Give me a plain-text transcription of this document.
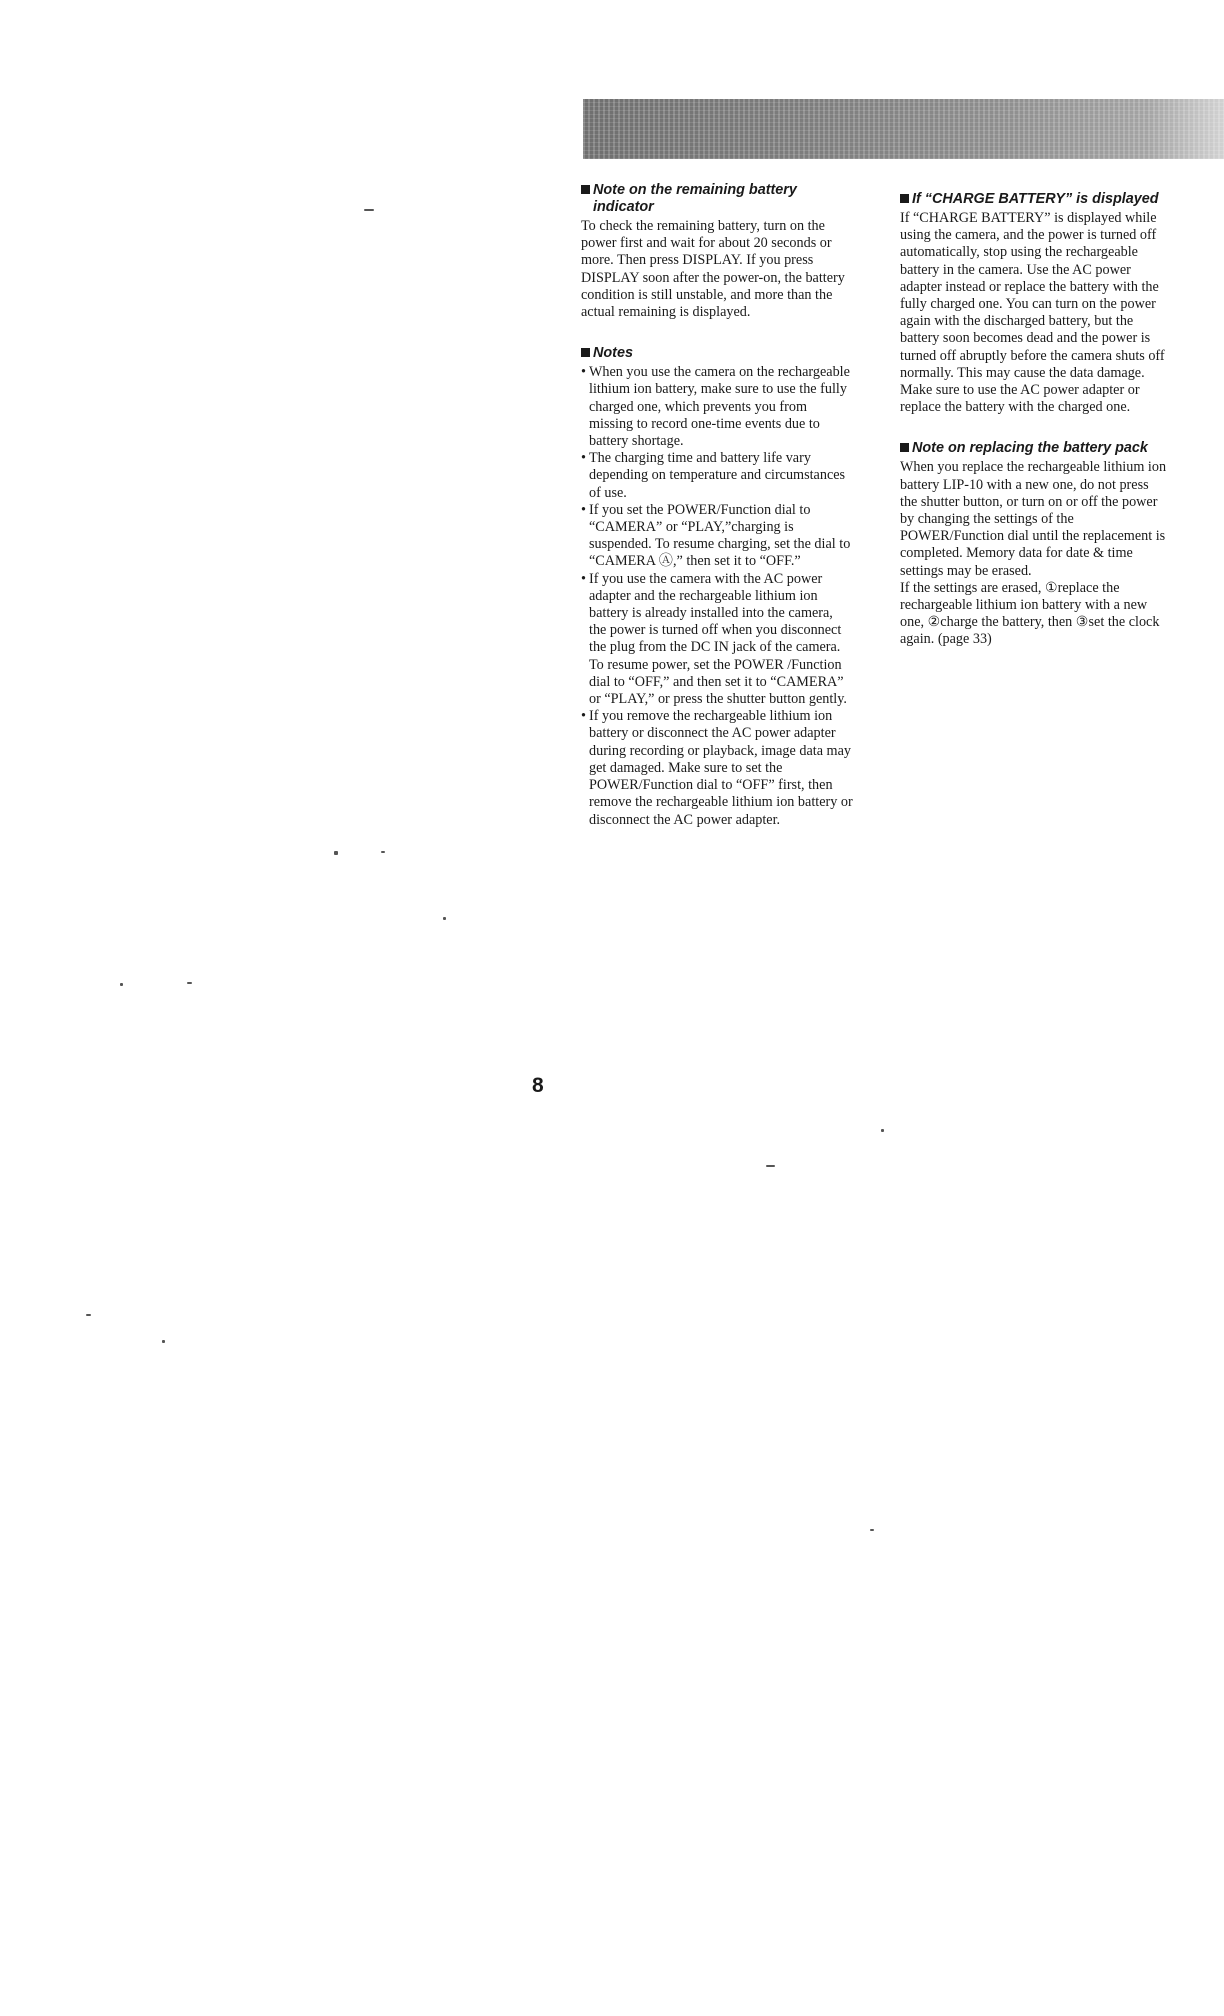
Note on the remaining battery indicator

To check the remaining battery, turn on the power first and wait for about 20 seconds or more. Then press DISPLAY. If you press DISPLAY soon after the power-on, the battery condition is still unstable, and more than the actual remaining is displayed.

Notes
• When you use the camera on the rechargeable lithium ion battery, make sure to use the fully charged one, which prevents you from missing to record one-time events due to battery shortage.
• The charging time and battery life vary depending on temperature and circumstances of use.
• If you set the POWER/Function dial to “CAMERA” or “PLAY,”charging is suspended. To resume charging, set the dial to “CAMERA Ⓐ,” then set it to “OFF.”
• If you use the camera with the AC power adapter and the rechargeable lithium ion battery is already installed into the camera, the power is turned off when you disconnect the plug from the DC IN jack of the camera. To resume power, set the POWER /Function dial to “OFF,” and then set it to “CAMERA” or “PLAY,” or press the shutter button gently.
• If you remove the rechargeable lithium ion battery or disconnect the AC power adapter during recording or playback, image data may get damaged. Make sure to set the POWER/Function dial to “OFF” first, then remove the rechargeable lithium ion battery or disconnect the AC power adapter.
If “CHARGE BATTERY” is displayed

If “CHARGE BATTERY” is displayed while using the camera, and the power is turned off automatically, stop using the rechargeable battery in the camera. Use the AC power adapter instead or replace the battery with the fully charged one. You can turn on the power again with the discharged battery, but the battery soon becomes dead and the power is turned off abruptly before the camera shuts off normally. This may cause the data damage. Make sure to use the AC power adapter or replace the battery with the charged one.

Note on replacing the battery pack

When you replace the rechargeable lithium ion battery LIP-10 with a new one, do not press the shutter button, or turn on or off the power by changing the settings of the POWER/Function dial until the replacement is completed. Memory data for date & time settings may be erased.

If the settings are erased, ①replace the rechargeable lithium ion battery with a new one, ②charge the battery, then ③set the clock again. (page 33)

8
